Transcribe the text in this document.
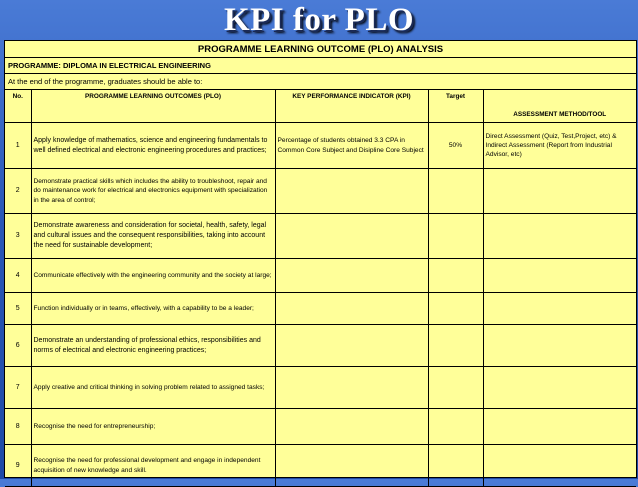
KPI for PLO
PROGRAMME LEARNING OUTCOME (PLO) ANALYSIS
PROGRAMME: DIPLOMA IN ELECTRICAL ENGINEERING
At the end of the programme, graduates should be able to:
No.	PROGRAMME LEARNING OUTCOMES (PLO)	KEY PERFORMANCE INDICATOR (KPI)	Target	ASSESSMENT METHOD/TOOL
1	Apply knowledge of mathematics, science and engineering fundamentals to well defined electrical and electronic engineering procedures and practices;	Percentage of students obtained 3.3 CPA in Common Core Subject and Disipline Core Subject	50%	Direct Assessment (Quiz, Test,Project, etc) & Indirect Assessment (Report from Industrial Advisor, etc)
2	Demonstrate practical skills which includes the ability to troubleshoot, repair and do maintenance work for electrical and electronics equipment with specialization in the area of control;			
3	Demonstrate awareness and consideration for societal, health, safety, legal and cultural issues and the consequent responsibilities, taking into account the need for sustainable development;			
4	Communicate effectively with the engineering community and the society at large;			
5	Function individually or in teams, effectively, with a capability to be a leader;			
6	Demonstrate an understanding of professional ethics, responsibilities and norms of electrical and electronic engineering practices;			
7	Apply creative and critical thinking in solving problem related to assigned tasks;			
8	Recognise the need for entrepreneurship;			
9	Recognise the need for professional development and engage in independent acquisition of new knowledge and skill.			
